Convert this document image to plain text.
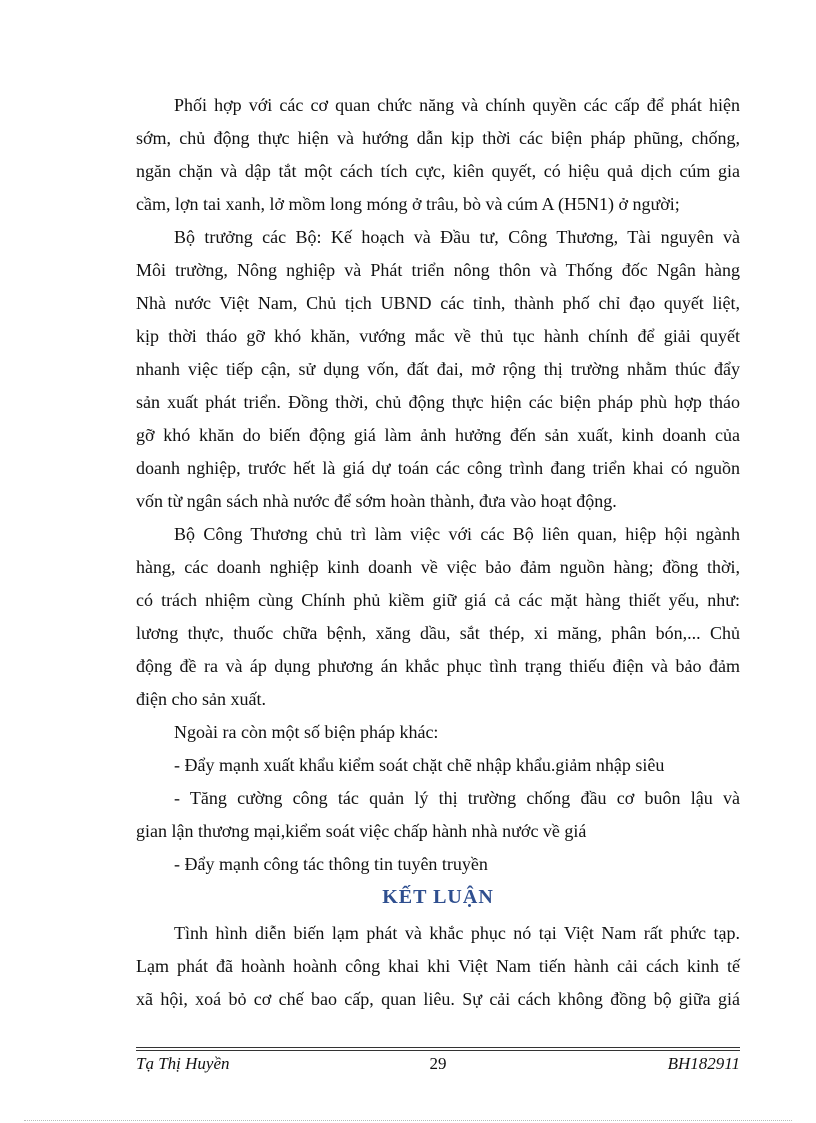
Phối hợp với các cơ quan chức năng và chính quyền các cấp để phát hiện
sớm, chủ động thực hiện và hướng dẫn kịp thời các biện pháp phũng, chống,
ngăn chặn và dập tắt một cách tích cực, kiên quyết, có hiệu quả dịch cúm gia
cầm, lợn tai xanh, lở mồm long móng ở trâu, bò và cúm A (H5N1) ở người;
Bộ trưởng các Bộ: Kế hoạch và Đầu tư, Công Thương, Tài nguyên và
Môi trường, Nông nghiệp và Phát triển nông thôn và Thống đốc Ngân hàng
Nhà nước Việt Nam, Chủ tịch UBND các tỉnh, thành phố chỉ đạo quyết liệt,
kịp thời tháo gỡ khó khăn, vướng mắc về thủ tục hành chính để giải quyết
nhanh việc tiếp cận, sử dụng vốn, đất đai, mở rộng thị trường nhằm thúc đẩy
sản xuất phát triển. Đồng thời, chủ động thực hiện các biện pháp phù hợp tháo
gỡ khó khăn do biến động giá làm ảnh hưởng đến sản xuất, kinh doanh của
doanh nghiệp, trước hết là giá dự toán các công trình đang triển khai có nguồn
vốn từ ngân sách nhà nước để sớm hoàn thành, đưa vào hoạt động.
Bộ Công Thương chủ trì làm việc với các Bộ liên quan, hiệp hội ngành
hàng, các doanh nghiệp kinh doanh về việc bảo đảm nguồn hàng; đồng thời,
có trách nhiệm cùng Chính phủ kiềm giữ giá cả các mặt hàng thiết yếu, như:
lương thực, thuốc chữa bệnh, xăng dầu, sắt thép, xi măng, phân bón,... Chủ
động đề ra và áp dụng phương án khắc phục tình trạng thiếu điện và bảo đảm
điện cho sản xuất.
Ngoài ra còn một số biện pháp khác:
- Đẩy mạnh xuất khẩu kiểm soát chặt chẽ nhập khẩu.giảm nhập siêu
- Tăng cường công tác quản lý thị trường chống đầu cơ buôn lậu và
gian lận thương mại,kiểm soát việc chấp hành nhà nước về giá
- Đẩy mạnh công tác thông tin tuyên truyền
KẾT LUẬN
Tình hình diễn biến lạm phát và khắc phục nó tại Việt Nam rất phức tạp.
Lạm phát đã hoành hoành công khai khi Việt Nam tiến hành cải cách kinh tế
xã hội, xoá bỏ cơ chế bao cấp, quan liêu. Sự cải cách không đồng bộ giữa giá
Tạ Thị Huyền	29	BH182911
